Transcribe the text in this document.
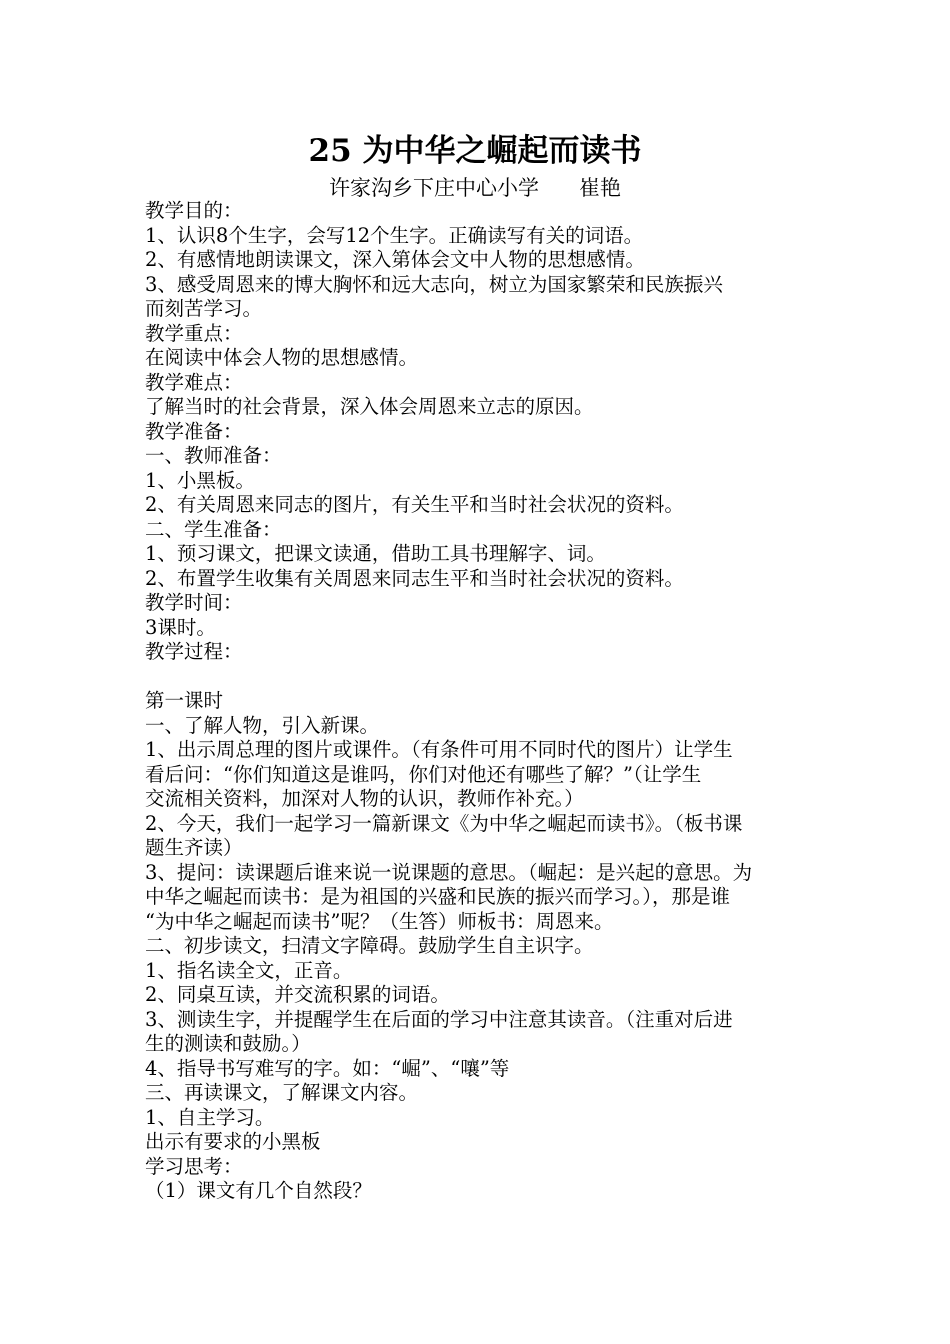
25 为中华之崛起而读书
许家沟乡下庄中心小学      崔艳
教学目的：
1、认识8个生字，会写12个生字。正确读写有关的词语。
2、有感情地朗读课文，深入第体会文中人物的思想感情。
3、感受周恩来的博大胸怀和远大志向，树立为国家繁荣和民族振兴
而刻苦学习。
教学重点：
在阅读中体会人物的思想感情。
教学难点：
了解当时的社会背景，深入体会周恩来立志的原因。
教学准备：
一、教师准备：
1、小黑板。
2、有关周恩来同志的图片，有关生平和当时社会状况的资料。
二、学生准备：
1、预习课文，把课文读通，借助工具书理解字、词。
2、布置学生收集有关周恩来同志生平和当时社会状况的资料。
教学时间：
3课时。
教学过程：
第一课时
一、了解人物，引入新课。
1、出示周总理的图片或课件。（有条件可用不同时代的图片）让学生
看后问：“你们知道这是谁吗，你们对他还有哪些了解？”（让学生
交流相关资料，加深对人物的认识，教师作补充。）
2、今天，我们一起学习一篇新课文《为中华之崛起而读书》。（板书课
题生齐读）
3、提问：读课题后谁来说一说课题的意思。（崛起：是兴起的意思。为
中华之崛起而读书：是为祖国的兴盛和民族的振兴而学习。），那是谁
“为中华之崛起而读书”呢？（生答）师板书：周恩来。
二、初步读文，扫清文字障碍。鼓励学生自主识字。
1、指名读全文，正音。
2、同桌互读，并交流积累的词语。
3、测读生字，并提醒学生在后面的学习中注意其读音。（注重对后进
生的测读和鼓励。）
4、指导书写难写的字。如：“崛”、“嚷”等
三、再读课文，了解课文内容。
1、自主学习。
出示有要求的小黑板
学习思考：
（1）课文有几个自然段？
